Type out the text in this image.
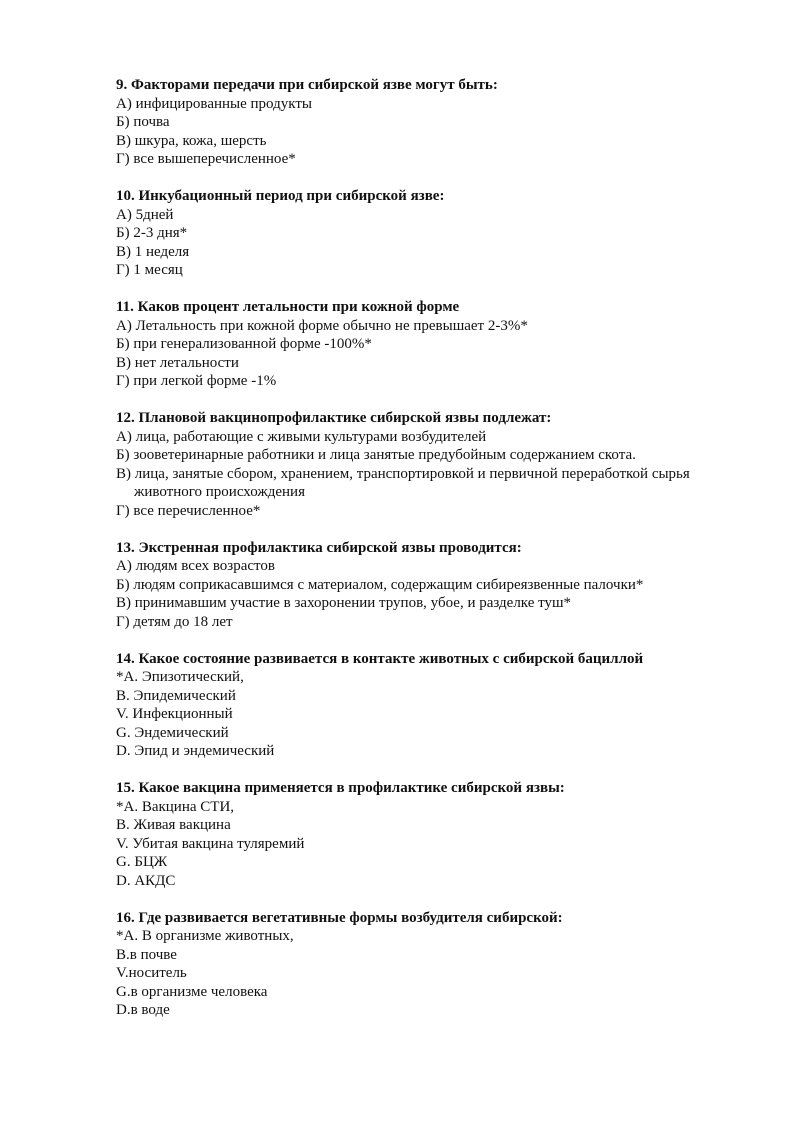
9. Факторами передачи при сибирской язве могут быть:
А) инфицированные продукты
Б) почва
В) шкура, кожа, шерсть
Г) все вышеперечисленное*
10. Инкубационный период при сибирской язве:
А) 5дней
Б) 2-3 дня*
В) 1 неделя
Г) 1 месяц
11. Каков процент летальности при кожной форме
А) Летальность при кожной форме обычно не превышает 2-3%*
Б) при генерализованной форме -100%*
В) нет летальности
Г) при легкой форме -1%
12. Плановой вакцинопрофилактике сибирской язвы подлежат:
А) лица, работающие с живыми культурами возбудителей
Б) зооветеринарные работники и лица занятые предубойным содержанием скота.
В) лица, занятые сбором, хранением, транспортировкой и первичной переработкой сырья животного происхождения
Г) все перечисленное*
13. Экстренная профилактика сибирской язвы проводится:
А) людям всех возрастов
Б) людям соприкасавшимся с материалом, содержащим сибиреязвенные палочки*
В) принимавшим участие в захоронении трупов, убое, и разделке туш*
Г) детям до 18 лет
14. Какое состояние развивается в контакте животных с сибирской бациллой
*А. Эпизотический,
B. Эпидемический
V. Инфекционный
G. Эндемический
D. Эпид и эндемический
15. Какое вакцина применяется в профилактике сибирской язвы:
*А. Вакцина СТИ,
B. Живая вакцина
V. Убитая вакцина туляремий
G. БЦЖ
D. АКДС
16. Где развивается вегетативные формы возбудителя сибирской:
*А. В организме животных,
B.в почве
V.носитель
G.в организме человека
D.в воде
